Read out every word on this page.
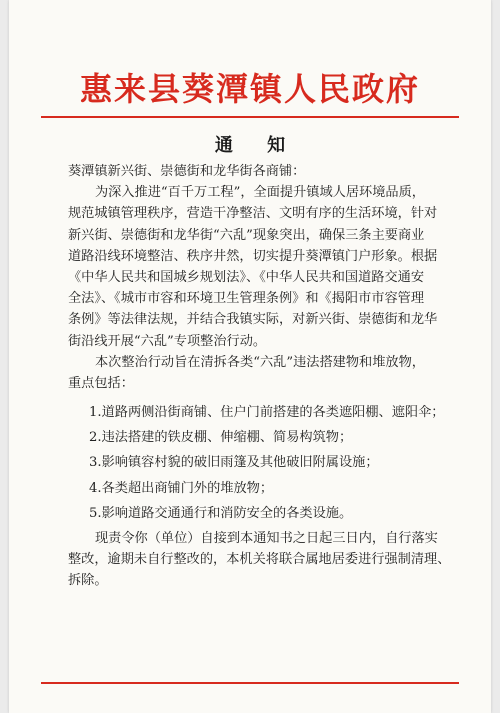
惠来县葵潭镇人民政府
通 知
葵潭镇新兴街、崇德街和龙华街各商铺：
为深入推进“百千万工程”，全面提升镇域人居环境品质，
规范城镇管理秩序，营造干净整洁、文明有序的生活环境，针对
新兴街、崇德街和龙华街“六乱”现象突出，确保三条主要商业
道路沿线环境整洁、秩序井然，切实提升葵潭镇门户形象。根据
《中华人民共和国城乡规划法》、《中华人民共和国道路交通安
全法》、《城市市容和环境卫生管理条例》和《揭阳市市容管理
条例》等法律法规，并结合我镇实际，对新兴街、崇德街和龙华
街沿线开展“六乱”专项整治行动。
本次整治行动旨在清拆各类“六乱”违法搭建物和堆放物，
重点包括：
1.道路两侧沿街商铺、住户门前搭建的各类遮阳棚、遮阳伞；
2.违法搭建的铁皮棚、伸缩棚、简易构筑物；
3.影响镇容村貌的破旧雨篷及其他破旧附属设施；
4.各类超出商铺门外的堆放物；
5.影响道路交通通行和消防安全的各类设施。
现责令你（单位）自接到本通知书之日起三日内，自行落实
整改，逾期未自行整改的，本机关将联合属地居委进行强制清理、
拆除。
